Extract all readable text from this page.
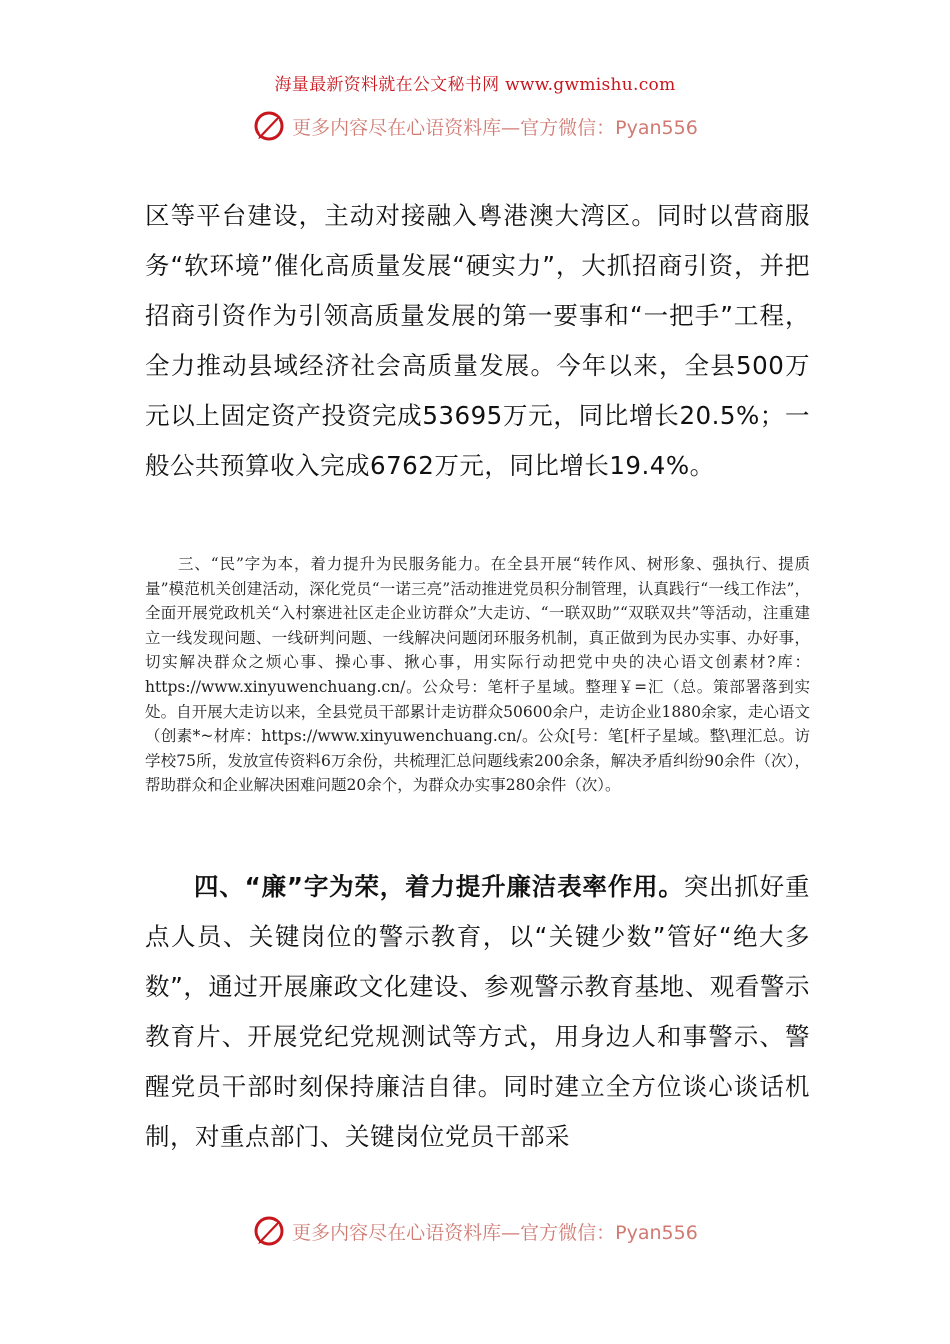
海量最新资料就在公文秘书网 www.gwmishu.com
更多内容尽在心语资料库—官方微信：Pyan556
区等平台建设，主动对接融入粤港澳大湾区。同时以营商服务“软环境”催化高质量发展“硬实力”，大抓招商引资，并把招商引资作为引领高质量发展的第一要事和“一把手”工程，全力推动县域经济社会高质量发展。今年以来，全县500万元以上固定资产投资完成53695万元，同比增长20.5%；一般公共预算收入完成6762万元，同比增长19.4%。
三、“民”字为本，着力提升为民服务能力。在全县开展“转作风、树形象、强执行、提质量”模范机关创建活动，深化党员“一诺三亮”活动推进党员积分制管理，认真践行“一线工作法”，全面开展党政机关“入村寨进社区走企业访群众”大走访、“一联双助”“双联双共”等活动，注重建立一线发现问题、一线研判问题、一线解决问题闭环服务机制，真正做到为民办实事、办好事，切实解决群众之烦心事、操心事、揪心事，用实际行动把党中央的决心语文创素材?库：https://www.xinyuwenchuang.cn/。公众号：笔杆子星域。整理￥=汇（总。策部署落到实处。自开展大走访以来，全县党员干部累计走访群众50600余户，走访企业1880余家，走心语文（创素*~材库：https://www.xinyuwenchuang.cn/。公众[号：笔[杆子星域。整\理汇总。访学校75所，发放宣传资料6万余份，共梳理汇总问题线索200余条，解决矛盾纠纷90余件（次），帮助群众和企业解决困难问题20余个，为群众办实事280余件（次）。
四、“廉”字为荣，着力提升廉洁表率作用。突出抓好重点人员、关键岗位的警示教育，以“关键少数”管好“绝大多数”，通过开展廉政文化建设、参观警示教育基地、观看警示教育片、开展党纪党规测试等方式，用身边人和事警示、警醒党员干部时刻保持廉洁自律。同时建立全方位谈心谈话机制，对重点部门、关键岗位党员干部采
更多内容尽在心语资料库—官方微信：Pyan556
